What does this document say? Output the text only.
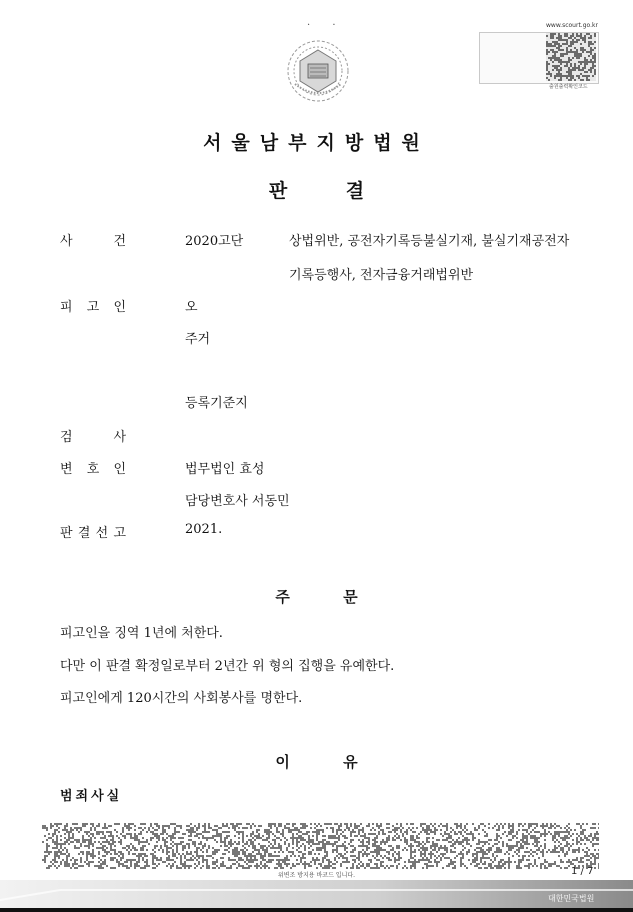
·       ·	www.scourt.go.kr
출원출력확인코드
서울남부지방법원
판 결
사	건	2020고단	상법위반, 공전자기록등불실기재, 불실기재공전자
기록등행사, 전자금융거래법위반
피 고 인	오
주거
등록기준지
검	사
변 호 인	법무법인 효성
담당변호사 서동민
판 결 선 고	2021.
주 문
피고인을 징역 1년에 처한다.
다만 이 판결 확정일로부터 2년간 위 형의 집행을 유예한다.
피고인에게 120시간의 사회봉사를 명한다.
이 유
범죄사실
위변조 방지용 바코드 입니다.	1 / 7
대한민국법원
